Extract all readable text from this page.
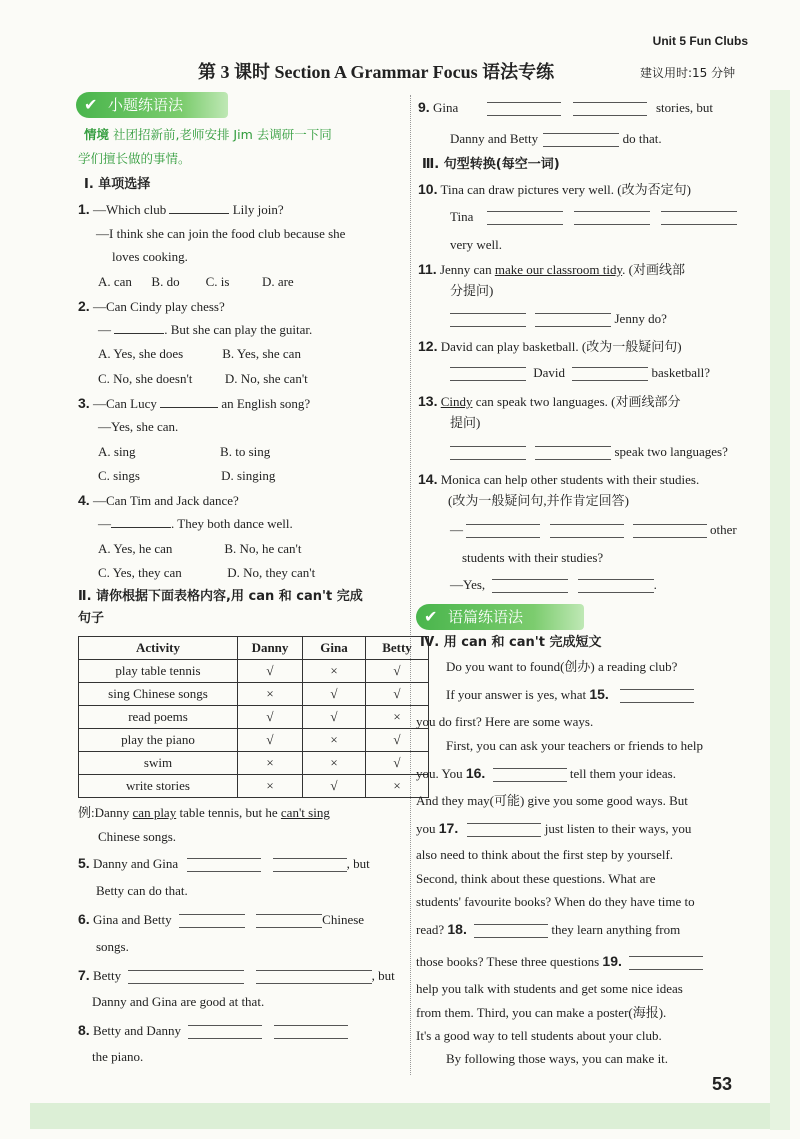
Unit 5 Fun Clubs
第 3 课时 Section A Grammar Focus 语法专练	建议用时:15 分钟
✔ 小题练语法
情境 社团招新前,老师安排 Jim 去调研一下同
学们擅长做的事情。
Ⅰ. 单项选择
1. —Which club	Lily join?
—I think she can join the food club because she
loves cooking.
A. can      B. do        C. is          D. are
2. —Can Cindy play chess?
—	. But she can play the guitar.
A. Yes, she does            B. Yes, she can
C. No, she doesn't          D. No, she can't
3. —Can Lucy	an English song?
—Yes, she can.
A. sing                          B. to sing
C. sings                         D. singing
4. —Can Tim and Jack dance?
—	. They both dance well.
A. Yes, he can                B. No, he can't
C. Yes, they can              D. No, they can't
Ⅱ. 请你根据下面表格内容,用 can 和 can't 完成
句子
Activity	Danny	Gina	Betty
play table tennis	√	×	√
sing Chinese songs	×	√	√
read poems	√	√	×
play the piano	√	×	√
swim	×	×	√
write stories	×	√	×
例:Danny can play table tennis, but he can't sing
Chinese songs.
5. Danny and Gina	, but
Betty can do that.
6. Gina and Betty	Chinese
songs.
7. Betty	, but
Danny and Gina are good at that.
8. Betty and Danny
the piano.
9. Gina	stories, but
Danny and Betty	do that.
Ⅲ. 句型转换(每空一词)
10. Tina can draw pictures very well. (改为否定句)
Tina
very well.
11. Jenny can make our classroom tidy. (对画线部
分提问)
Jenny do?
12. David can play basketball. (改为一般疑问句)
David	basketball?
13. Cindy can speak two languages. (对画线部分
提问)
speak two languages?
14. Monica can help other students with their studies.
(改为一般疑问句,并作肯定回答)
—	other
students with their studies?
—Yes,	.
✔ 语篇练语法
Ⅳ. 用 can 和 can't 完成短文
Do you want to found(创办) a reading club?
If your answer is yes, what 15.
you do first? Here are some ways.
First, you can ask your teachers or friends to help
you. You 16.	tell them your ideas.
And they may(可能) give you some good ways. But
you 17.	just listen to their ways, you
also need to think about the first step by yourself.
Second, think about these questions. What are
students' favourite books? When do they have time to
read? 18.	they learn anything from
those books? These three questions 19.
help you talk with students and get some nice ideas
from them. Third, you can make a poster(海报).
It's a good way to tell students about your club.
By following those ways, you can make it.
53
